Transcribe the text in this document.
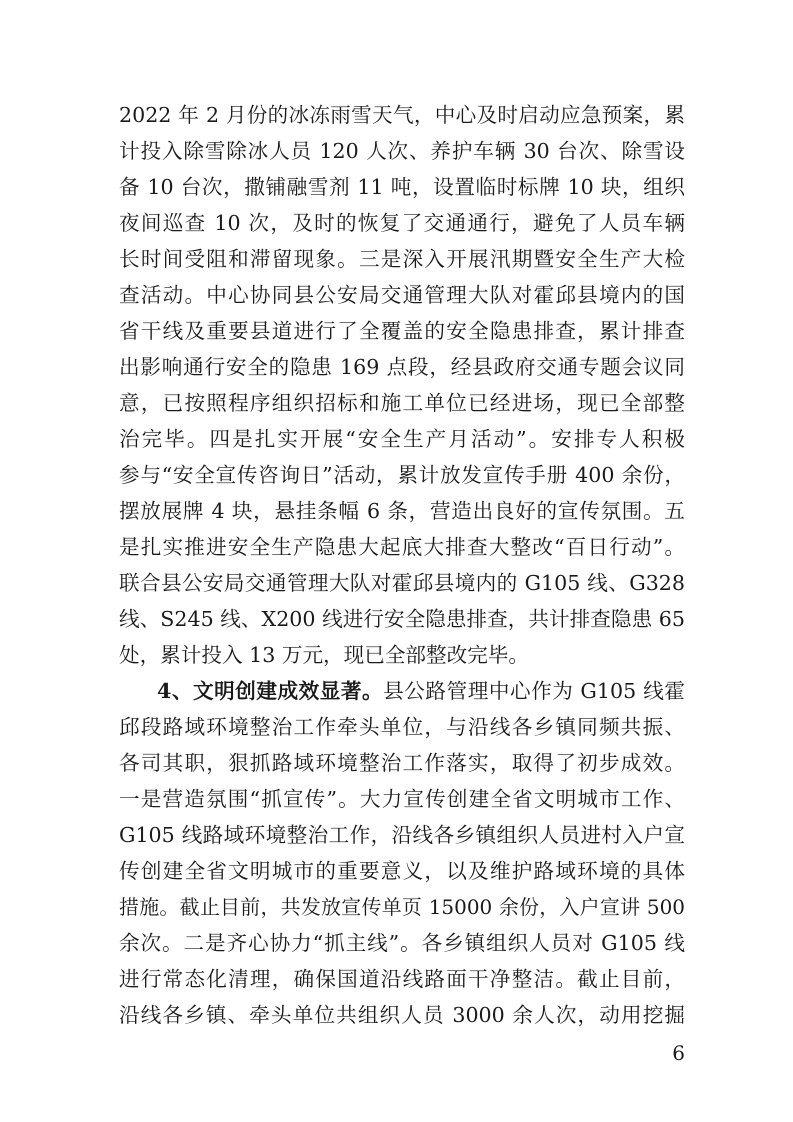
2022 年 2 月份的冰冻雨雪天气，中心及时启动应急预案，累
计投入除雪除冰人员 120 人次、养护车辆 30 台次、除雪设
备 10 台次，撒铺融雪剂 11 吨，设置临时标牌 10 块，组织
夜间巡查 10 次，及时的恢复了交通通行，避免了人员车辆
长时间受阻和滞留现象。三是深入开展汛期暨安全生产大检
查活动。中心协同县公安局交通管理大队对霍邱县境内的国
省干线及重要县道进行了全覆盖的安全隐患排查，累计排查
出影响通行安全的隐患 169 点段，经县政府交通专题会议同
意，已按照程序组织招标和施工单位已经进场，现已全部整
治完毕。四是扎实开展“安全生产月活动”。安排专人积极
参与“安全宣传咨询日”活动，累计放发宣传手册 400 余份，
摆放展牌 4 块，悬挂条幅 6 条，营造出良好的宣传氛围。五
是扎实推进安全生产隐患大起底大排查大整改“百日行动”。
联合县公安局交通管理大队对霍邱县境内的 G105 线、G328
线、S245 线、X200 线进行安全隐患排查，共计排查隐患 65
处，累计投入 13 万元，现已全部整改完毕。
4、文明创建成效显著。县公路管理中心作为 G105 线霍
邱段路域环境整治工作牵头单位，与沿线各乡镇同频共振、
各司其职，狠抓路域环境整治工作落实，取得了初步成效。
一是营造氛围“抓宣传”。大力宣传创建全省文明城市工作、
G105 线路域环境整治工作，沿线各乡镇组织人员进村入户宣
传创建全省文明城市的重要意义，以及维护路域环境的具体
措施。截止目前，共发放宣传单页 15000 余份，入户宣讲 500
余次。二是齐心协力“抓主线”。各乡镇组织人员对 G105 线
进行常态化清理，确保国道沿线路面干净整洁。截止目前，
沿线各乡镇、牵头单位共组织人员 3000 余人次，动用挖掘
6
